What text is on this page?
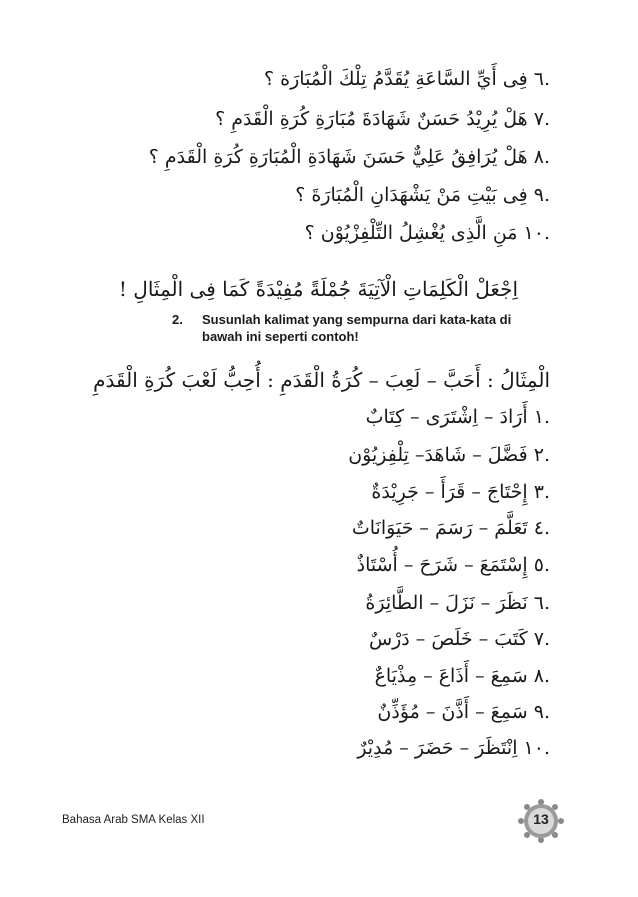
.٦ فِى أَيِّ السَّاعَةِ يُقَدَّمُ تِلْكَ الْمُبَارَة ؟
.٧ هَلْ يُرِيْدُ حَسَنٌ شَهَادَةَ مُبَارَةِ كُرَةِ الْقَدَمِ ؟
.٨ هَلْ يُرَافِقُ عَلِيٌّ حَسَنَ شَهَادَةِ الْمُبَارَةِ كُرَةِ الْقَدَمِ ؟
.٩ فِى بَيْتِ مَنْ يَشْهَدَانِ الْمُبَارَةَ ؟
.١٠ مَنِ الَّذِى يُغْشِلُ التِّلْفِزْيُوْن ؟
اِجْعَلْ الْكَلِمَاتِ الْآتِيَةَ جُمْلَةً مُفِيْدَةً كَمَا فِى الْمِثَالِ !
2. Susunlah kalimat yang sempurna dari kata-kata di bawah ini seperti contoh!
الْمِثَالُ : أَحَبَّ – لَعِبَ – كُرَةُ الْقَدَمِ : أُحِبُّ لَعْبَ كُرَةِ الْقَدَمِ
.١ أَرَادَ – اِشْتَرَى – كِتَابٌ
.٢ فَضَّلَ – شَاهَدَ– تِلْفِزيُوْن
.٣ إِحْتَاجَ – قَرَأَ – جَرِيْدَةٌ
.٤ تَعَلَّمَ – رَسَمَ – حَيَوَانَاتٌ
.٥ إِسْتَمَعَ – شَرَحَ – أُسْتَاذٌ
.٦ نَظَرَ – نَزَلَ – الطَّائِرَةُ
.٧ كَتَبَ – خَلَصَ – دَرْسٌ
.٨ سَمِعَ – أَذَاعَ – مِذْيَاعٌ
.٩ سَمِعَ – أَذَّنَ – مُؤَذِّنٌ
.١٠ اِنْتَظَرَ – حَضَرَ – مُدِيْرٌ
Bahasa Arab SMA Kelas XII	13
